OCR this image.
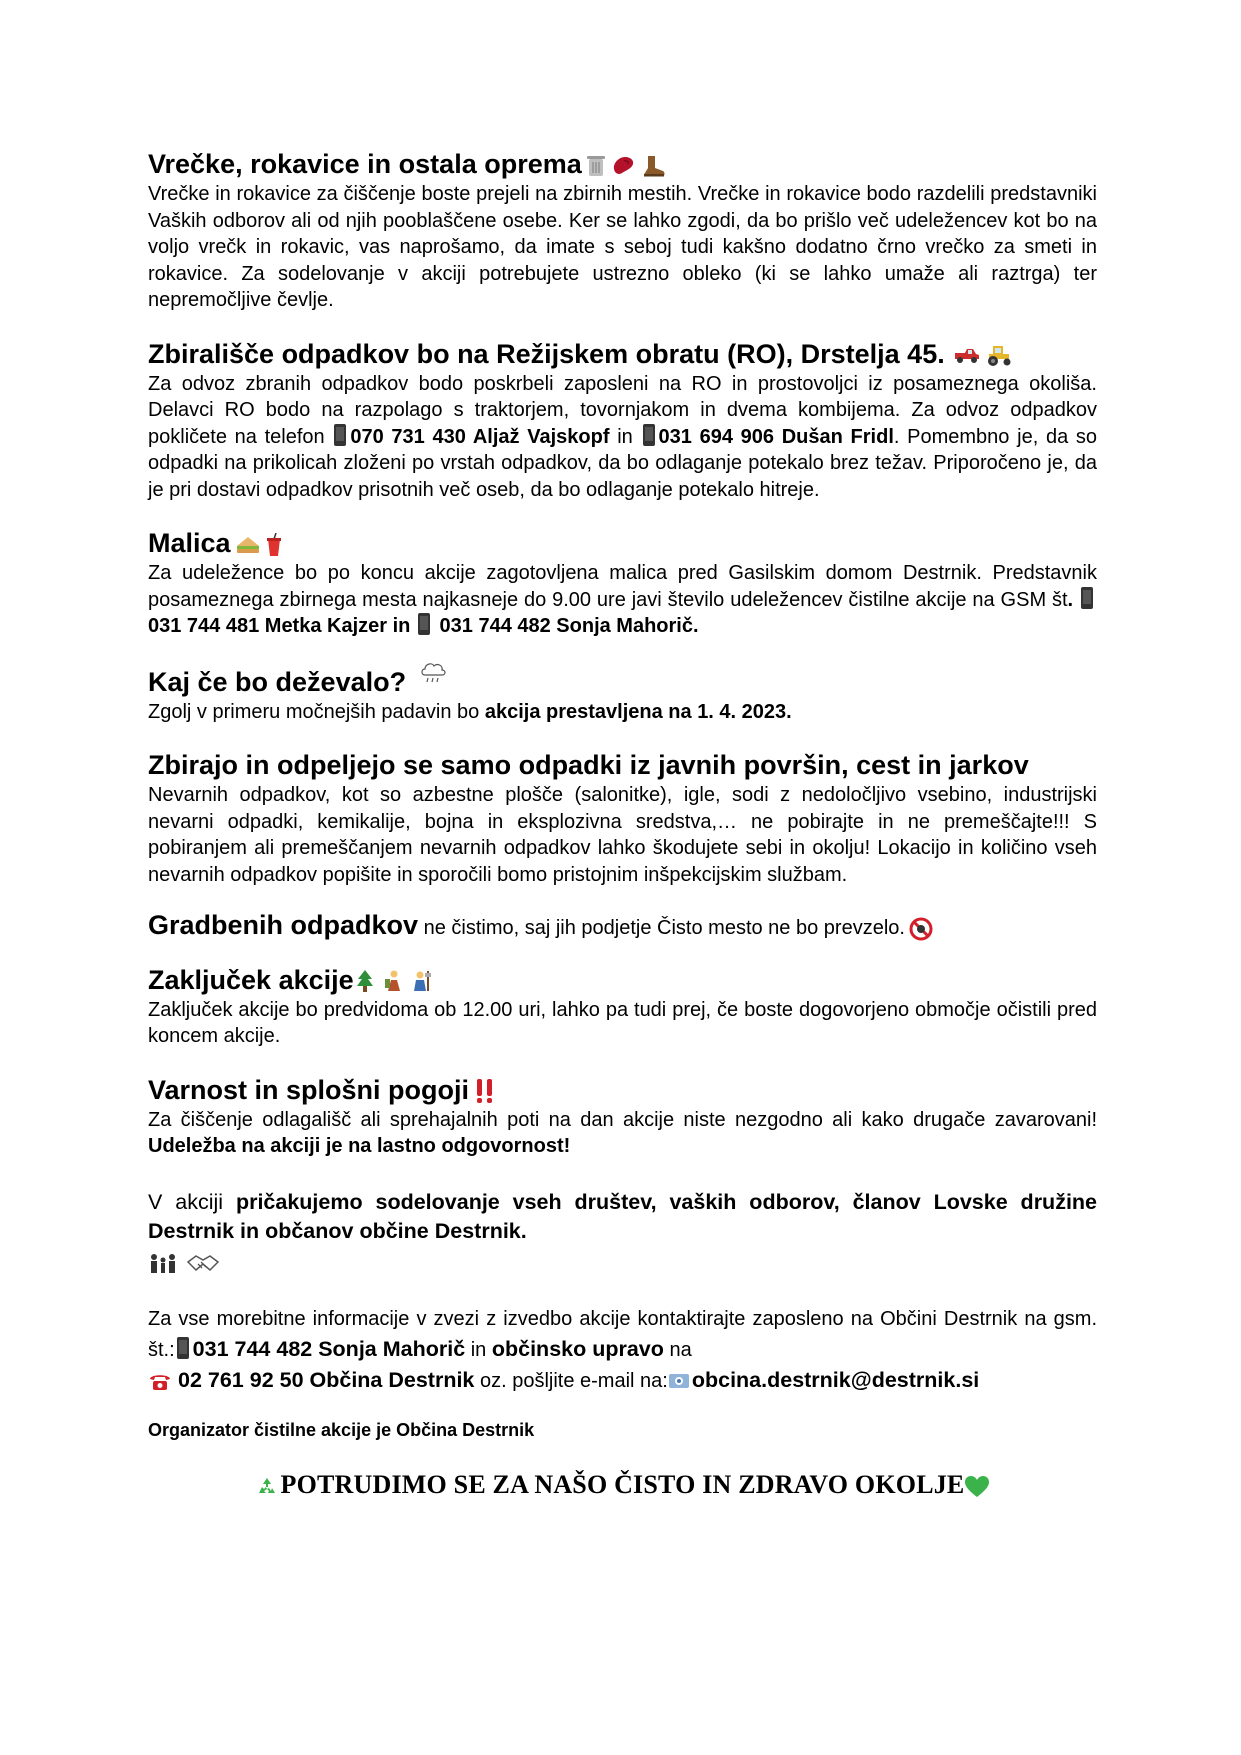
Vrečke, rokavice in ostala oprema

Vrečke in rokavice za čiščenje boste prejeli na zbirnih mestih. Vrečke in rokavice bodo razdelili predstavniki Vaških odborov ali od njih pooblaščene osebe. Ker se lahko zgodi, da bo prišlo več udeležencev kot bo na voljo vrečk in rokavic, vas naprošamo, da imate s seboj tudi kakšno dodatno črno vrečko za smeti in rokavice. Za sodelovanje v akciji potrebujete ustrezno obleko (ki se lahko umaže ali raztrga) ter nepremočljive čevlje.

Zbirališče odpadkov bo na Režijskem obratu (RO), Drstelja 45.

Za odvoz zbranih odpadkov bodo poskrbeli zaposleni na RO in prostovoljci iz posameznega okoliša. Delavci RO bodo na razpolago s traktorjem, tovornjakom in dvema kombijema. Za odvoz odpadkov pokličete na telefon 070 731 430 Aljaž Vajskopf in 031 694 906 Dušan Fridl. Pomembno je, da so odpadki na prikolicah zloženi po vrstah odpadkov, da bo odlaganje potekalo brez težav. Priporočeno je, da je pri dostavi odpadkov prisotnih več oseb, da bo odlaganje potekalo hitreje.

Malica

Za udeležence bo po koncu akcije zagotovljena malica pred Gasilskim domom Destrnik. Predstavnik posameznega zbirnega mesta najkasneje do 9.00 ure javi število udeležencev čistilne akcije na GSM št.  031 744 481 Metka Kajzer in 031 744 482 Sonja Mahorič.

Kaj če bo deževalo?

Zgolj v primeru močnejših padavin bo akcija prestavljena na 1. 4. 2023.

Zbirajo in odpeljejo se samo odpadki iz javnih površin, cest in jarkov

Nevarnih odpadkov, kot so azbestne plošče (salonitke), igle, sodi z nedoločljivo vsebino, industrijski nevarni odpadki, kemikalije, bojna in eksplozivna sredstva,… ne pobirajte in ne premeščajte!!! S pobiranjem ali premeščanjem nevarnih odpadkov lahko škodujete sebi in okolju! Lokacijo in količino vseh nevarnih odpadkov popišite in sporočili bomo pristojnim inšpekcijskim službam.

Gradbenih odpadkov ne čistimo, saj jih podjetje Čisto mesto ne bo prevzelo.

Zaključek akcije

Zaključek akcije bo predvidoma ob 12.00 uri, lahko pa tudi prej, če boste dogovorjeno območje očistili pred koncem akcije.

Varnost in splošni pogoji

Za čiščenje odlagališč ali sprehajalnih poti na dan akcije niste nezgodno ali kako drugače zavarovani! Udeležba na akciji je na lastno odgovornost!

V akciji pričakujemo sodelovanje vseh društev, vaških odborov, članov Lovske družine Destrnik in občanov občine Destrnik.

Za vse morebitne informacije v zvezi z izvedbo akcije kontaktirajte zaposleno na Občini Destrnik na gsm. št.: 031 744 482 Sonja Mahorič in občinsko upravo na

02 761 92 50 Občina Destrnik oz. pošljite e-mail na: obcina.destrnik@destrnik.si

Organizator čistilne akcije je Občina Destrnik
POTRUDIMO SE ZA NAŠO ČISTO IN ZDRAVO OKOLJE
